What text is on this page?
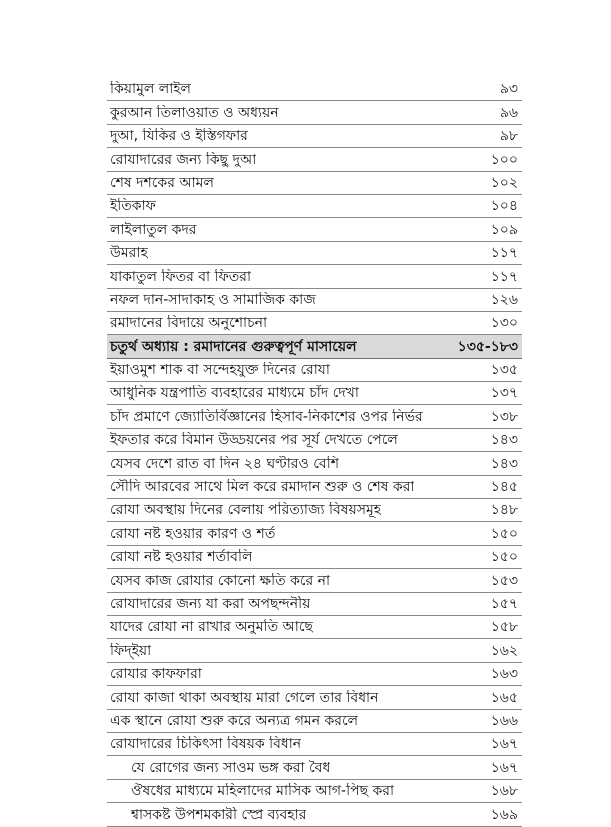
কিয়ামুল লাইল	৯৩
কুরআন তিলাওয়াত ও অধ্যয়ন	৯৬
দুআ, যিকির ও ইস্তিগফার	৯৮
রোযাদারের জন্য কিছু দুআ	১০০
শেষ দশকের আমল	১০২
ইতিকাফ	১০৪
লাইলাতুল কদর	১০৯
উমরাহ	১১৭
যাকাতুল ফিতর বা ফিতরা	১১৭
নফল দান-সাদাকাহ ও সামাজিক কাজ	১২৬
রমাদানের বিদায়ে অনুশোচনা	১৩০
চতুর্থ অধ্যায় : রমাদানের গুরুত্বপূর্ণ মাসায়েল	১৩৫-১৮৩
ইয়াওমুশ শাক বা সন্দেহযুক্ত দিনের রোযা	১৩৫
আধুনিক যন্ত্রপাতি ব্যবহারের মাধ্যমে চাঁদ দেখা	১৩৭
চাঁদ প্রমাণে জ্যোতির্বিজ্ঞানের হিসাব-নিকাশের ওপর নির্ভর	১৩৮
ইফতার করে বিমান উড্ডয়নের পর সূর্য দেখতে পেলে	১৪৩
যেসব দেশে রাত বা দিন ২৪ ঘণ্টারও বেশি	১৪৩
সৌদি আরবের সাথে মিল করে রমাদান শুরু ও শেষ করা	১৪৫
রোযা অবস্থায় দিনের বেলায় পরিত্যাজ্য বিষয়সমূহ	১৪৮
রোযা নষ্ট হওয়ার কারণ ও শর্ত	১৫০
রোযা নষ্ট হওয়ার শর্তাবলি	১৫০
যেসব কাজ রোযার কোনো ক্ষতি করে না	১৫৩
রোযাদারের জন্য যা করা অপছন্দনীয়	১৫৭
যাদের রোযা না রাখার অনুমতি আছে	১৫৮
ফিদ্ইয়া	১৬২
রোযার কাফফারা	১৬৩
রোযা কাজা থাকা অবস্থায় মারা গেলে তার বিধান	১৬৫
এক স্থানে রোযা শুরু করে অন্যত্র গমন করলে	১৬৬
রোযাদারের চিকিৎসা বিষয়ক বিধান	১৬৭
যে রোগের জন্য সাওম ভঙ্গ করা বৈধ	১৬৭
ঔষধের মাধ্যমে মহিলাদের মাসিক আগ-পিছ করা	১৬৮
শ্বাসকষ্ট উপশমকারী স্প্রে ব্যবহার	১৬৯
